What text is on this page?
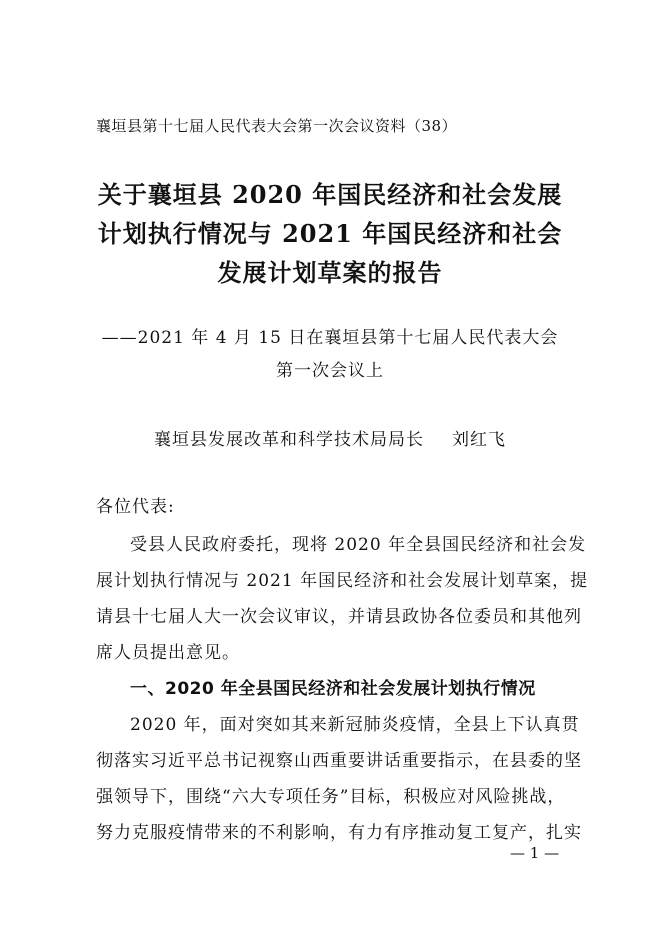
襄垣县第十七届人民代表大会第一次会议资料（38）
关于襄垣县 2020 年国民经济和社会发展
计划执行情况与 2021 年国民经济和社会
发展计划草案的报告
——2021 年 4 月 15 日在襄垣县第十七届人民代表大会
第一次会议上
襄垣县发展改革和科学技术局局长 刘红飞
各位代表:
受县人民政府委托，现将 2020 年全县国民经济和社会发
展计划执行情况与 2021 年国民经济和社会发展计划草案，提
请县十七届人大一次会议审议，并请县政协各位委员和其他列
席人员提出意见。
一、2020 年全县国民经济和社会发展计划执行情况
2020 年，面对突如其来新冠肺炎疫情，全县上下认真贯
彻落实习近平总书记视察山西重要讲话重要指示，在县委的坚
强领导下，围绕“六大专项任务”目标，积极应对风险挑战，
努力克服疫情带来的不利影响，有力有序推动复工复产，扎实
— 1 —
